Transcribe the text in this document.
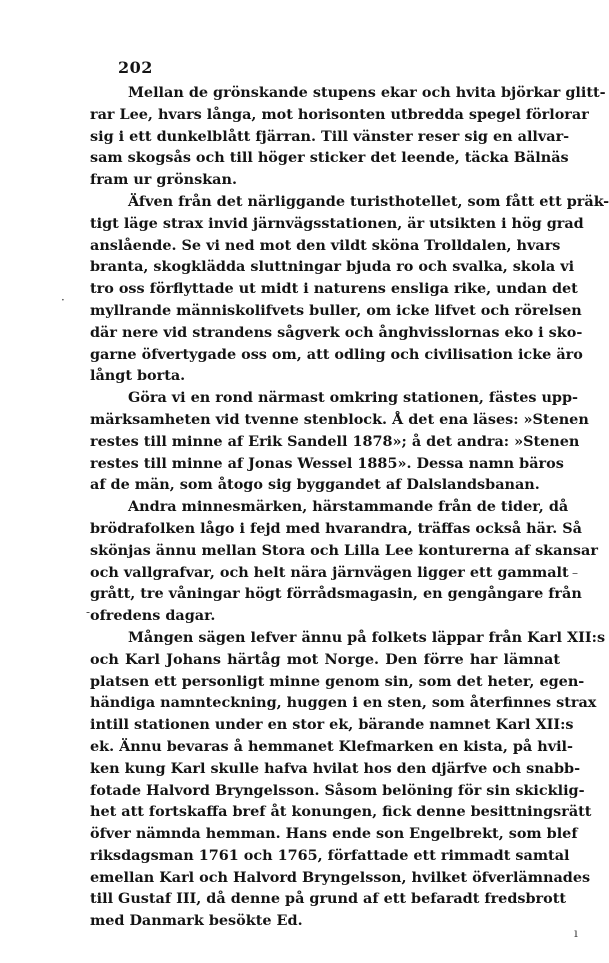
202
·
–
-
ı
Mellan de grönskande stupens ekar och hvita björkar glitt-
rar Lee, hvars långa, mot horisonten utbredda spegel förlorar
sig i ett dunkelblått fjärran. Till vänster reser sig en allvar-
sam skogsås och till höger sticker det leende, täcka Bälnäs
fram ur grönskan.
Äfven från det närliggande turisthotellet, som fått ett präk-
tigt läge strax invid järnvägsstationen, är utsikten i hög grad
anslående. Se vi ned mot den vildt sköna Trolldalen, hvars
branta, skogklädda sluttningar bjuda ro och svalka, skola vi
tro oss förflyttade ut midt i naturens ensliga rike, undan det
myllrande människolifvets buller, om icke lifvet och rörelsen
där nere vid strandens sågverk och ånghvisslornas eko i sko-
garne öfvertygade oss om, att odling och civilisation icke äro
långt borta.
Göra vi en rond närmast omkring stationen, fästes upp-
märksamheten vid tvenne stenblock. Å det ena läses: »Stenen
restes till minne af Erik Sandell 1878»; å det andra: »Stenen
restes till minne af Jonas Wessel 1885». Dessa namn bäros
af de män, som åtogo sig byggandet af Dalslandsbanan.
Andra minnesmärken, härstammande från de tider, då
brödrafolken lågo i fejd med hvarandra, träffas också här. Så
skönjas ännu mellan Stora och Lilla Lee konturerna af skansar
och vallgrafvar, och helt nära järnvägen ligger ett gammalt
grått, tre våningar högt förrådsmagasin, en gengångare från
ofredens dagar.
Mången sägen lefver ännu på folkets läppar från Karl XII:s
och Karl Johans härtåg mot Norge. Den förre har lämnat
platsen ett personligt minne genom sin, som det heter, egen-
händiga namnteckning, huggen i en sten, som återfinnes strax
intill stationen under en stor ek, bärande namnet Karl XII:s
ek. Ännu bevaras å hemmanet Klefmarken en kista, på hvil-
ken kung Karl skulle hafva hvilat hos den djärfve och snabb-
fotade Halvord Bryngelsson. Såsom belöning för sin skicklig-
het att fortskaffa bref åt konungen, fick denne besittningsrätt
öfver nämnda hemman. Hans ende son Engelbrekt, som blef
riksdagsman 1761 och 1765, författade ett rimmadt samtal
emellan Karl och Halvord Bryngelsson, hvilket öfverlämnades
till Gustaf III, då denne på grund af ett befaradt fredsbrott
med Danmark besökte Ed.
